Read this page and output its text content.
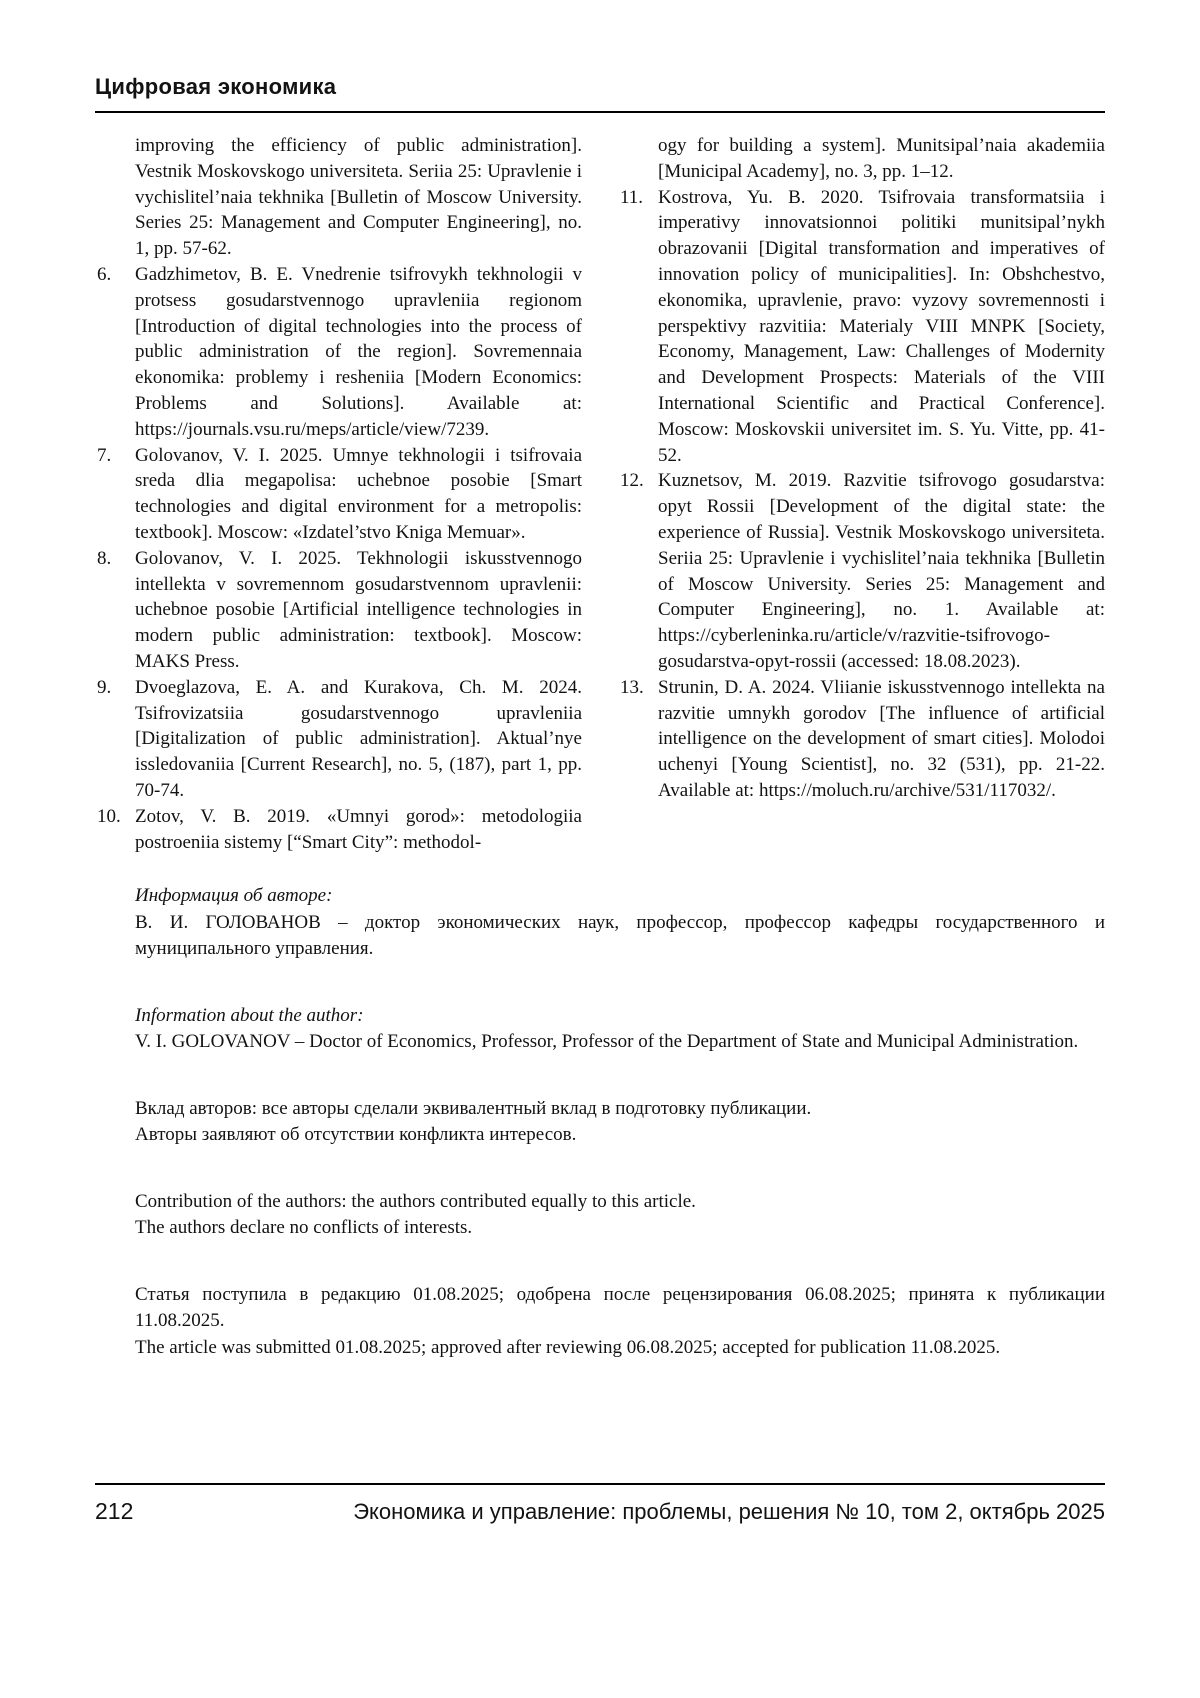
Цифровая экономика
improving the efficiency of public administration]. Vestnik Moskovskogo universiteta. Seriia 25: Upravlenie i vychislitel’naia tekhnika [Bulletin of Moscow University. Series 25: Management and Computer Engineering], no. 1, pp. 57-62.
6. Gadzhimetov, B. E. Vnedrenie tsifrovykh tekhnologii v protsess gosudarstvennogo upravleniia regionom [Introduction of digital technologies into the process of public administration of the region]. Sovremennaia ekonomika: problemy i resheniia [Modern Economics: Problems and Solutions]. Available at: https://journals.vsu.ru/meps/article/view/7239.
7. Golovanov, V. I. 2025. Umnye tekhnologii i tsifrovaia sreda dlia megapolisa: uchebnoe posobie [Smart technologies and digital environment for a metropolis: textbook]. Moscow: «Izdatel’stvo Kniga Memuar».
8. Golovanov, V. I. 2025. Tekhnologii iskusstvennogo intellekta v sovremennom gosudarstvennom upravlenii: uchebnoe posobie [Artificial intelligence technologies in modern public administration: textbook]. Moscow: MAKS Press.
9. Dvoeglazova, E. A. and Kurakova, Ch. M. 2024. Tsifrovizatsiia gosudarstvennogo upravleniia [Digitalization of public administration]. Aktual’nye issledovaniia [Current Research], no. 5, (187), part 1, pp. 70-74.
10. Zotov, V. B. 2019. «Umnyi gorod»: metodologiia postroeniia sistemy [“Smart City”: methodol-
ogy for building a system]. Munitsipal’naia akademiia [Municipal Academy], no. 3, pp. 1–12.
11. Kostrova, Yu. B. 2020. Tsifrovaia transformatsiia i imperativy innovatsionnoi politiki munitsipal’nykh obrazovanii [Digital transformation and imperatives of innovation policy of municipalities]. In: Obshchestvo, ekonomika, upravlenie, pravo: vyzovy sovremennosti i perspektivy razvitiia: Materialy VIII MNPK [Society, Economy, Management, Law: Challenges of Modernity and Development Prospects: Materials of the VIII International Scientific and Practical Conference]. Moscow: Moskovskii universitet im. S. Yu. Vitte, pp. 41-52.
12. Kuznetsov, M. 2019. Razvitie tsifrovogo gosudarstva: opyt Rossii [Development of the digital state: the experience of Russia]. Vestnik Moskovskogo universiteta. Seriia 25: Upravlenie i vychislitel’naia tekhnika [Bulletin of Moscow University. Series 25: Management and Computer Engineering], no. 1. Available at: https://cyberleninka.ru/article/v/razvitie-tsifrovogo-gosudarstva-opyt-rossii (accessed: 18.08.2023).
13. Strunin, D. A. 2024. Vliianie iskusstvennogo intellekta na razvitie umnykh gorodov [The influence of artificial intelligence on the development of smart cities]. Molodoi uchenyi [Young Scientist], no. 32 (531), pp. 21-22. Available at: https://moluch.ru/archive/531/117032/.

Информация об авторе:

В. И. ГОЛОВАНОВ – доктор экономических наук, профессор, профессор кафедры государственного и муниципального управления.

Information about the author:

V. I. GOLOVANOV – Doctor of Economics, Professor, Professor of the Department of State and Municipal Administration.

Вклад авторов: все авторы сделали эквивалентный вклад в подготовку публикации.

Авторы заявляют об отсутствии конфликта интересов.

Contribution of the authors: the authors contributed equally to this article.

The authors declare no conflicts of interests.

Статья поступила в редакцию 01.08.2025; одобрена после рецензирования 06.08.2025; принята к публикации 11.08.2025.

The article was submitted 01.08.2025; approved after reviewing 06.08.2025; accepted for publication 11.08.2025.

212	Экономика и управление: проблемы, решения № 10, том 2, октябрь 2025
